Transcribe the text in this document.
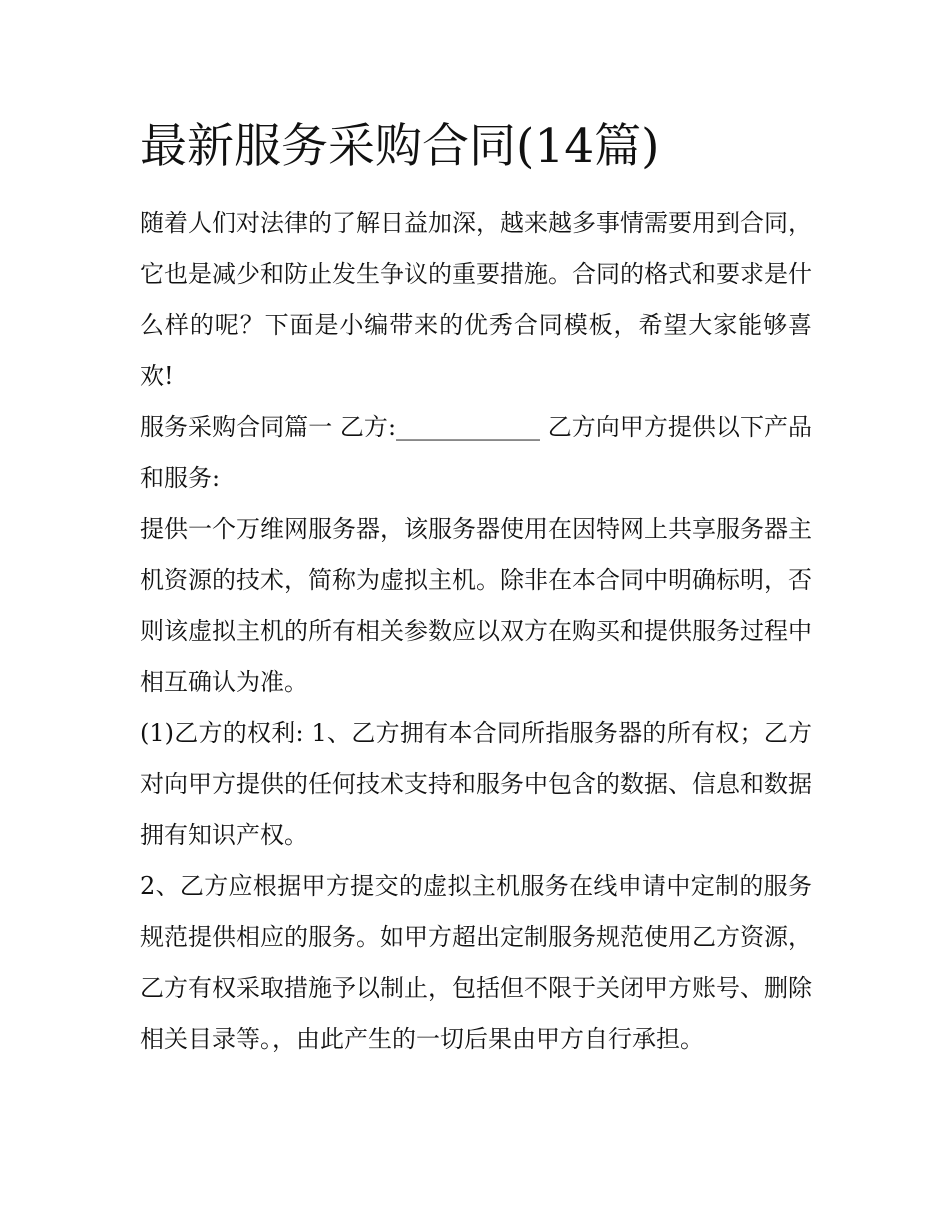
最新服务采购合同(14篇)

随着人们对法律的了解日益加深，越来越多事情需要用到合同，它也是减少和防止发生争议的重要措施。合同的格式和要求是什么样的呢？下面是小编带来的优秀合同模板，希望大家能够喜欢!

服务采购合同篇一 乙方:____________ 乙方向甲方提供以下产品和服务:

提供一个万维网服务器，该服务器使用在因特网上共享服务器主机资源的技术，简称为虚拟主机。除非在本合同中明确标明，否则该虚拟主机的所有相关参数应以双方在购买和提供服务过程中相互确认为准。

(1)乙方的权利: 1、乙方拥有本合同所指服务器的所有权；乙方对向甲方提供的任何技术支持和服务中包含的数据、信息和数据拥有知识产权。

2、乙方应根据甲方提交的虚拟主机服务在线申请中定制的服务规范提供相应的服务。如甲方超出定制服务规范使用乙方资源，乙方有权采取措施予以制止，包括但不限于关闭甲方账号、删除相关目录等。，由此产生的一切后果由甲方自行承担。
